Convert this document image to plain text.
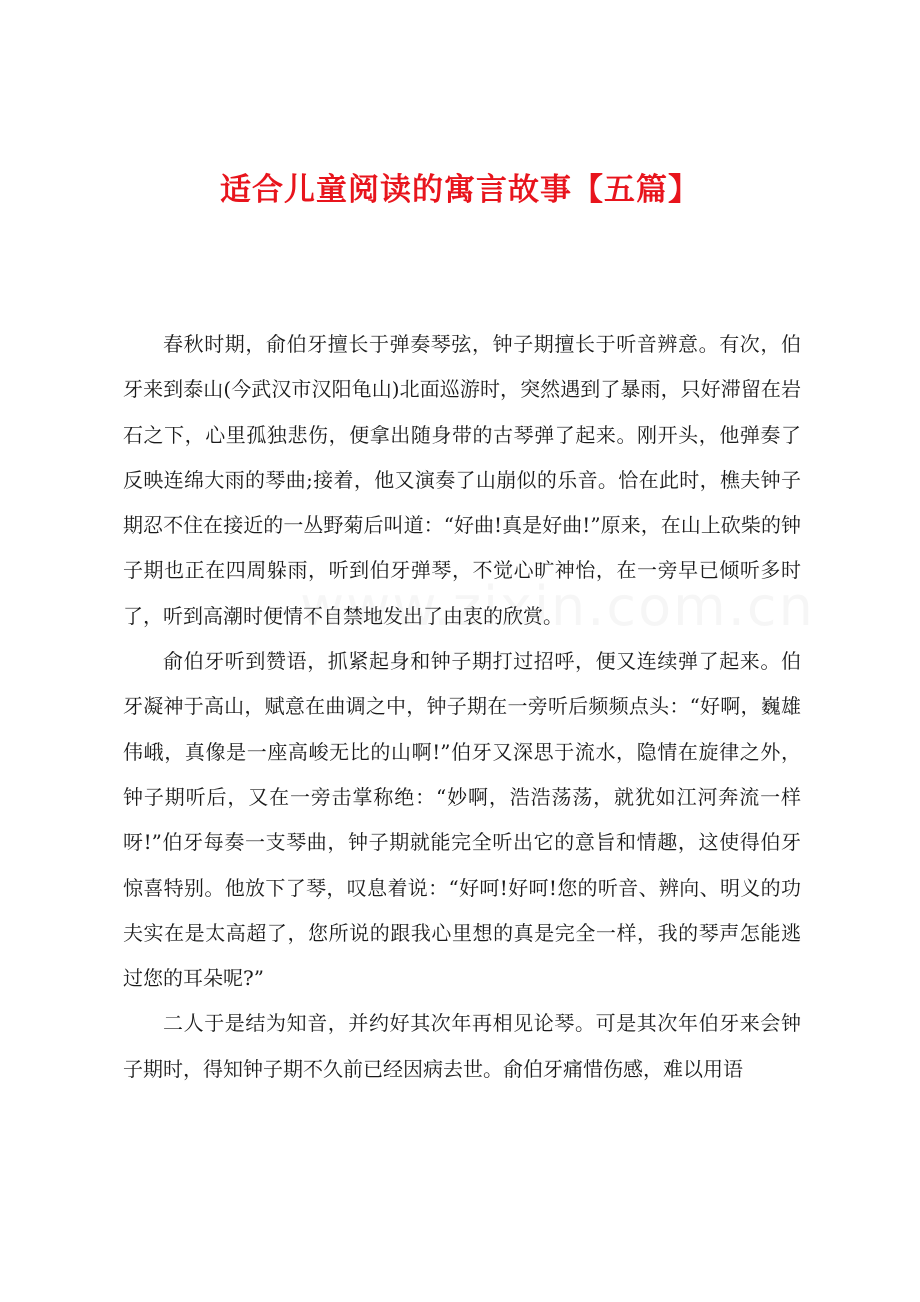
适合儿童阅读的寓言故事【五篇】

春秋时期，俞伯牙擅长于弹奏琴弦，钟子期擅长于听音辨意。有次，伯牙来到泰山(今武汉市汉阳龟山)北面巡游时，突然遇到了暴雨，只好滞留在岩石之下，心里孤独悲伤，便拿出随身带的古琴弹了起来。刚开头，他弹奏了反映连绵大雨的琴曲;接着，他又演奏了山崩似的乐音。恰在此时，樵夫钟子期忍不住在接近的一丛野菊后叫道：“好曲!真是好曲!”原来，在山上砍柴的钟子期也正在四周躲雨，听到伯牙弹琴，不觉心旷神怡，在一旁早已倾听多时了，听到高潮时便情不自禁地发出了由衷的欣赏。

俞伯牙听到赞语，抓紧起身和钟子期打过招呼，便又连续弹了起来。伯牙凝神于高山，赋意在曲调之中，钟子期在一旁听后频频点头：“好啊，巍雄伟峨，真像是一座高峻无比的山啊!”伯牙又深思于流水，隐情在旋律之外，钟子期听后，又在一旁击掌称绝：“妙啊，浩浩荡荡，就犹如江河奔流一样呀!”伯牙每奏一支琴曲，钟子期就能完全听出它的意旨和情趣，这使得伯牙惊喜特别。他放下了琴，叹息着说：“好呵!好呵!您的听音、辨向、明义的功夫实在是太高超了，您所说的跟我心里想的真是完全一样，我的琴声怎能逃过您的耳朵呢?”

二人于是结为知音，并约好其次年再相见论琴。可是其次年伯牙来会钟子期时，得知钟子期不久前已经因病去世。俞伯牙痛惜伤感，难以用语
